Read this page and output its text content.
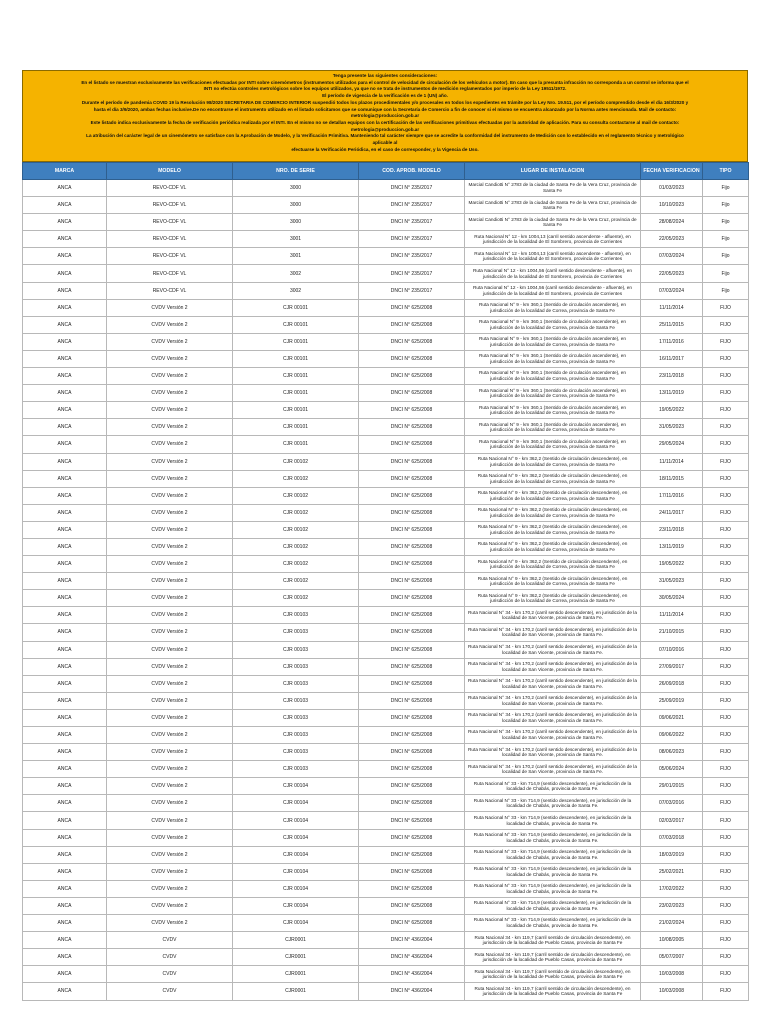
Tenga presente las siguientes consideraciones:
En el listado se muestran exclusivamente las verificaciones efectuadas por INTI sobre cinemómetros (instrumentos utilizados para el control de velocidad de circulación de los vehículos a motor). En caso que la presunta infracción no corresponda a un control se informa que el
INTI no efectúa controles metrológicos sobre los equipos utilizados, ya que no se trata de instrumentos de medición reglamentados por imperio de la Ley 19511/1972.
El período de vigencia de la verificación es de 1 (UN) año.
Durante el período de pandemia COVID 19 la Resolución 98/2020 SECRETARIA DE COMERCIO INTERIOR suspendió todos los plazos procedimentales y/o procesales en todos los expedientes en trámite por la Ley Nro. 19.511, por el período comprendido desde el día 16/3/2020 y
hasta el día 3/9/2020, ambas fechas inclusive.De no encontrarse el instrumento utilizado en el listado solicitamos que se comunique con la Secretaría de Comercio a fin de conocer si el mismo se encuentra alcanzado por la Norma antes mencionada. Mail de contacto:
metrologia@produccion.gob.ar
Este listado indica exclusivamente la fecha de verificación periódica realizada por el INTI. En el mismo no se detallan equipos con la certificación de las verificaciones primitivas efectuadas por la autoridad de aplicación. Para su consulta contactarse al mail de contacto:
metrologia@produccion.gob.ar
La atribución del carácter legal de un cinemómetro se satisface con la Aprobación de Modelo, y la Verificación Primitiva. Manteniendo tal carácter siempre que se acredite la conformidad del instrumento de Medición con lo establecido en el reglamento técnico y metrológico
aplicable al
efectuarse la Verificación Periódica, en el caso de corresponder, y la Vigencia de Uso.
MARCA	MODELO	NRO. DE SERIE	COD. APROB. MODELO	LUGAR DE INSTALACION	FECHA VERIFICACION	TIPO
ANCA	REVO-CDF VL	3000	DNCI N° 235/2017	Marcial Candiotti N° 2783 de la ciudad de Santa Fe de la Vera Cruz, provincia de Santa Fe	01/03/2023	Fijo
ANCA	REVO-CDF VL	3000	DNCI N° 235/2017	Marcial Candiotti N° 2783 de la ciudad de Santa Fe de la Vera Cruz, provincia de Santa Fe	10/10/2023	Fijo
ANCA	REVO-CDF VL	3000	DNCI N° 235/2017	Marcial Candiotti N° 2783 de la ciudad de Santa Fe de la Vera Cruz, provincia de Santa Fe	28/08/2024	Fijo
ANCA	REVO-CDF VL	3001	DNCI N° 235/2017	Ruta Nacional N° 12 - km 1004,13 (carril sentido ascendente - afluente), en jurisdicción de la localidad de El Sombrero, provincia de Corrientes	22/05/2023	Fijo
ANCA	REVO-CDF VL	3001	DNCI N° 235/2017	Ruta Nacional N° 12 - km 1004,13 (carril sentido ascendente - afluente), en jurisdicción de la localidad de El Sombrero, provincia de Corrientes	07/03/2024	Fijo
ANCA	REVO-CDF VL	3002	DNCI N° 235/2017	Ruta Nacional N° 12 - km 1004,56 (carril sentido descendente - afluente), en jurisdicción de la localidad de El Sombrero, provincia de Corrientes	22/05/2023	Fijo
ANCA	REVO-CDF VL	3002	DNCI N° 235/2017	Ruta Nacional N° 12 - km 1004,56 (carril sentido descendente - afluente), en jurisdicción de la localidad de El Sombrero, provincia de Corrientes	07/03/2024	Fijo
ANCA	CVDV Versión 2	CJR 00101	DNCI N° 625/2008	Ruta Nacional N° 9 - km 360,1 (Sentido de circulación ascendente), en jurisdicción de la localidad de Correa, provincia de Santa Fe	11/11/2014	FIJO
ANCA	CVDV Versión 2	CJR 00101	DNCI N° 625/2008	Ruta Nacional N° 9 - km 360,1 (Sentido de circulación ascendente), en jurisdicción de la localidad de Correa, provincia de Santa Fe	25/11/2015	FIJO
ANCA	CVDV Versión 2	CJR 00101	DNCI N° 625/2008	Ruta Nacional N° 9 - km 360,1 (Sentido de circulación ascendente), en jurisdicción de la localidad de Correa, provincia de Santa Fe	17/11/2016	FIJO
ANCA	CVDV Versión 2	CJR 00101	DNCI N° 625/2008	Ruta Nacional N° 9 - km 360,1 (Sentido de circulación ascendente), en jurisdicción de la localidad de Correa, provincia de Santa Fe	16/11/2017	FIJO
ANCA	CVDV Versión 2	CJR 00101	DNCI N° 625/2008	Ruta Nacional N° 9 - km 360,1 (Sentido de circulación ascendente), en jurisdicción de la localidad de Correa, provincia de Santa Fe	23/11/2018	FIJO
ANCA	CVDV Versión 2	CJR 00101	DNCI N° 625/2008	Ruta Nacional N° 9 - km 360,1 (Sentido de circulación ascendente), en jurisdicción de la localidad de Correa, provincia de Santa Fe	13/11/2019	FIJO
ANCA	CVDV Versión 2	CJR 00101	DNCI N° 625/2008	Ruta Nacional N° 9 - km 360,1 (Sentido de circulación ascendente), en jurisdicción de la localidad de Correa, provincia de Santa Fe	19/05/2022	FIJO
ANCA	CVDV Versión 2	CJR 00101	DNCI N° 625/2008	Ruta Nacional N° 9 - km 360,1 (Sentido de circulación ascendente), en jurisdicción de la localidad de Correa, provincia de Santa Fe	31/05/2023	FIJO
ANCA	CVDV Versión 2	CJR 00101	DNCI N° 625/2008	Ruta Nacional N° 9 - km 360,1 (Sentido de circulación ascendente), en jurisdicción de la localidad de Correa, provincia de Santa Fe	29/05/2024	FIJO
ANCA	CVDV Versión 2	CJR 00102	DNCI N° 625/2008	Ruta Nacional N° 9 - km 362,2 (Sentido de circulación descendente), en jurisdicción de la localidad de Correa, provincia de Santa Fe	11/11/2014	FIJO
ANCA	CVDV Versión 2	CJR 00102	DNCI N° 625/2008	Ruta Nacional N° 9 - km 362,2 (Sentido de circulación descendente), en jurisdicción de la localidad de Correa, provincia de Santa Fe	18/11/2015	FIJO
ANCA	CVDV Versión 2	CJR 00102	DNCI N° 625/2008	Ruta Nacional N° 9 - km 362,2 (Sentido de circulación descendente), en jurisdicción de la localidad de Correa, provincia de Santa Fe	17/11/2016	FIJO
ANCA	CVDV Versión 2	CJR 00102	DNCI N° 625/2008	Ruta Nacional N° 9 - km 362,2 (Sentido de circulación descendente), en jurisdicción de la localidad de Correa, provincia de Santa Fe	24/11/2017	FIJO
ANCA	CVDV Versión 2	CJR 00102	DNCI N° 625/2008	Ruta Nacional N° 9 - km 362,2 (Sentido de circulación descendente), en jurisdicción de la localidad de Correa, provincia de Santa Fe	23/11/2018	FIJO
ANCA	CVDV Versión 2	CJR 00102	DNCI N° 625/2008	Ruta Nacional N° 9 - km 362,2 (Sentido de circulación descendente), en jurisdicción de la localidad de Correa, provincia de Santa Fe	13/11/2019	FIJO
ANCA	CVDV Versión 2	CJR 00102	DNCI N° 625/2008	Ruta Nacional N° 9 - km 362,2 (Sentido de circulación descendente), en jurisdicción de la localidad de Correa, provincia de Santa Fe	19/05/2022	FIJO
ANCA	CVDV Versión 2	CJR 00102	DNCI N° 625/2008	Ruta Nacional N° 9 - km 362,2 (Sentido de circulación descendente), en jurisdicción de la localidad de Correa, provincia de Santa Fe	31/05/2023	FIJO
ANCA	CVDV Versión 2	CJR 00102	DNCI N° 625/2008	Ruta Nacional N° 9 - km 362,2 (Sentido de circulación descendente), en jurisdicción de la localidad de Correa, provincia de Santa Fe	30/05/2024	FIJO
ANCA	CVDV Versión 2	CJR 00103	DNCI N° 625/2008	Ruta Nacional N° 34 - km 170,2 (carril sentido descendente), en jurisdicción de la localidad de San Vicente, provincia de Santa Fe.	11/11/2014	FIJO
ANCA	CVDV Versión 2	CJR 00103	DNCI N° 625/2008	Ruta Nacional N° 34 - km 170,2 (carril sentido descendente), en jurisdicción de la localidad de San Vicente, provincia de Santa Fe.	21/10/2015	FIJO
ANCA	CVDV Versión 2	CJR 00103	DNCI N° 625/2008	Ruta Nacional N° 34 - km 170,2 (carril sentido descendente), en jurisdicción de la localidad de San Vicente, provincia de Santa Fe.	07/10/2016	FIJO
ANCA	CVDV Versión 2	CJR 00103	DNCI N° 625/2008	Ruta Nacional N° 34 - km 170,2 (carril sentido descendente), en jurisdicción de la localidad de San Vicente, provincia de Santa Fe.	27/09/2017	FIJO
ANCA	CVDV Versión 2	CJR 00103	DNCI N° 625/2008	Ruta Nacional N° 34 - km 170,2 (carril sentido descendente), en jurisdicción de la localidad de San Vicente, provincia de Santa Fe.	26/09/2018	FIJO
ANCA	CVDV Versión 2	CJR 00103	DNCI N° 625/2008	Ruta Nacional N° 34 - km 170,2 (carril sentido descendente), en jurisdicción de la localidad de San Vicente, provincia de Santa Fe.	25/09/2019	FIJO
ANCA	CVDV Versión 2	CJR 00103	DNCI N° 625/2008	Ruta Nacional N° 34 - km 170,2 (carril sentido descendente), en jurisdicción de la localidad de San Vicente, provincia de Santa Fe.	09/06/2021	FIJO
ANCA	CVDV Versión 2	CJR 00103	DNCI N° 625/2008	Ruta Nacional N° 34 - km 170,2 (carril sentido descendente), en jurisdicción de la localidad de San Vicente, provincia de Santa Fe.	09/06/2022	FIJO
ANCA	CVDV Versión 2	CJR 00103	DNCI N° 625/2008	Ruta Nacional N° 34 - km 170,2 (carril sentido descendente), en jurisdicción de la localidad de San Vicente, provincia de Santa Fe.	08/06/2023	FIJO
ANCA	CVDV Versión 2	CJR 00103	DNCI N° 625/2008	Ruta Nacional N° 34 - km 170,2 (carril sentido descendente), en jurisdicción de la localidad de San Vicente, provincia de Santa Fe.	05/06/2024	FIJO
ANCA	CVDV Versión 2	CJR 00104	DNCI N° 625/2008	Ruta Nacional N° 33 - km 714,9 (sentido descendente), en jurisdicción de la localidad de Chabás, provincia de Santa Fe.	29/01/2015	FIJO
ANCA	CVDV Versión 2	CJR 00104	DNCI N° 625/2008	Ruta Nacional N° 33 - km 714,9 (sentido descendente), en jurisdicción de la localidad de Chabás, provincia de Santa Fe.	07/03/2016	FIJO
ANCA	CVDV Versión 2	CJR 00104	DNCI N° 625/2008	Ruta Nacional N° 33 - km 714,9 (sentido descendente), en jurisdicción de la localidad de Chabás, provincia de Santa Fe.	02/03/2017	FIJO
ANCA	CVDV Versión 2	CJR 00104	DNCI N° 625/2008	Ruta Nacional N° 33 - km 714,9 (sentido descendente), en jurisdicción de la localidad de Chabás, provincia de Santa Fe.	07/03/2018	FIJO
ANCA	CVDV Versión 2	CJR 00104	DNCI N° 625/2008	Ruta Nacional N° 33 - km 714,9 (sentido descendente), en jurisdicción de la localidad de Chabás, provincia de Santa Fe.	18/03/2019	FIJO
ANCA	CVDV Versión 2	CJR 00104	DNCI N° 625/2008	Ruta Nacional N° 33 - km 714,9 (sentido descendente), en jurisdicción de la localidad de Chabás, provincia de Santa Fe.	25/02/2021	FIJO
ANCA	CVDV Versión 2	CJR 00104	DNCI N° 625/2008	Ruta Nacional N° 33 - km 714,9 (sentido descendente), en jurisdicción de la localidad de Chabás, provincia de Santa Fe.	17/02/2022	FIJO
ANCA	CVDV Versión 2	CJR 00104	DNCI N° 625/2008	Ruta Nacional N° 33 - km 714,9 (sentido descendente), en jurisdicción de la localidad de Chabás, provincia de Santa Fe.	23/02/2023	FIJO
ANCA	CVDV Versión 2	CJR 00104	DNCI N° 625/2008	Ruta Nacional N° 33 - km 714,9 (sentido descendente), en jurisdicción de la localidad de Chabás, provincia de Santa Fe.	21/02/2024	FIJO
ANCA	CVDV	CJR0001	DNCI N° 436/2004	Ruta Nacional 34 - km 119,7 (carril sentido de circulación descendente), en jurisdicción de la localidad de Pueblo Casas, provincia de Santa Fe	10/08/2005	FIJO
ANCA	CVDV	CJR0001	DNCI N° 436/2004	Ruta Nacional 34 - km 119,7 (carril sentido de circulación descendente), en jurisdicción de la localidad de Pueblo Casas, provincia de Santa Fe	05/07/2007	FIJO
ANCA	CVDV	CJR0001	DNCI N° 436/2004	Ruta Nacional 34 - km 119,7 (carril sentido de circulación descendente), en jurisdicción de la localidad de Pueblo Casas, provincia de Santa Fe	10/03/2008	FIJO
ANCA	CVDV	CJR0001	DNCI N° 436/2004	Ruta Nacional 34 - km 119,7 (carril sentido de circulación descendente), en jurisdicción de la localidad de Pueblo Casas, provincia de Santa Fe	10/03/2008	FIJO
